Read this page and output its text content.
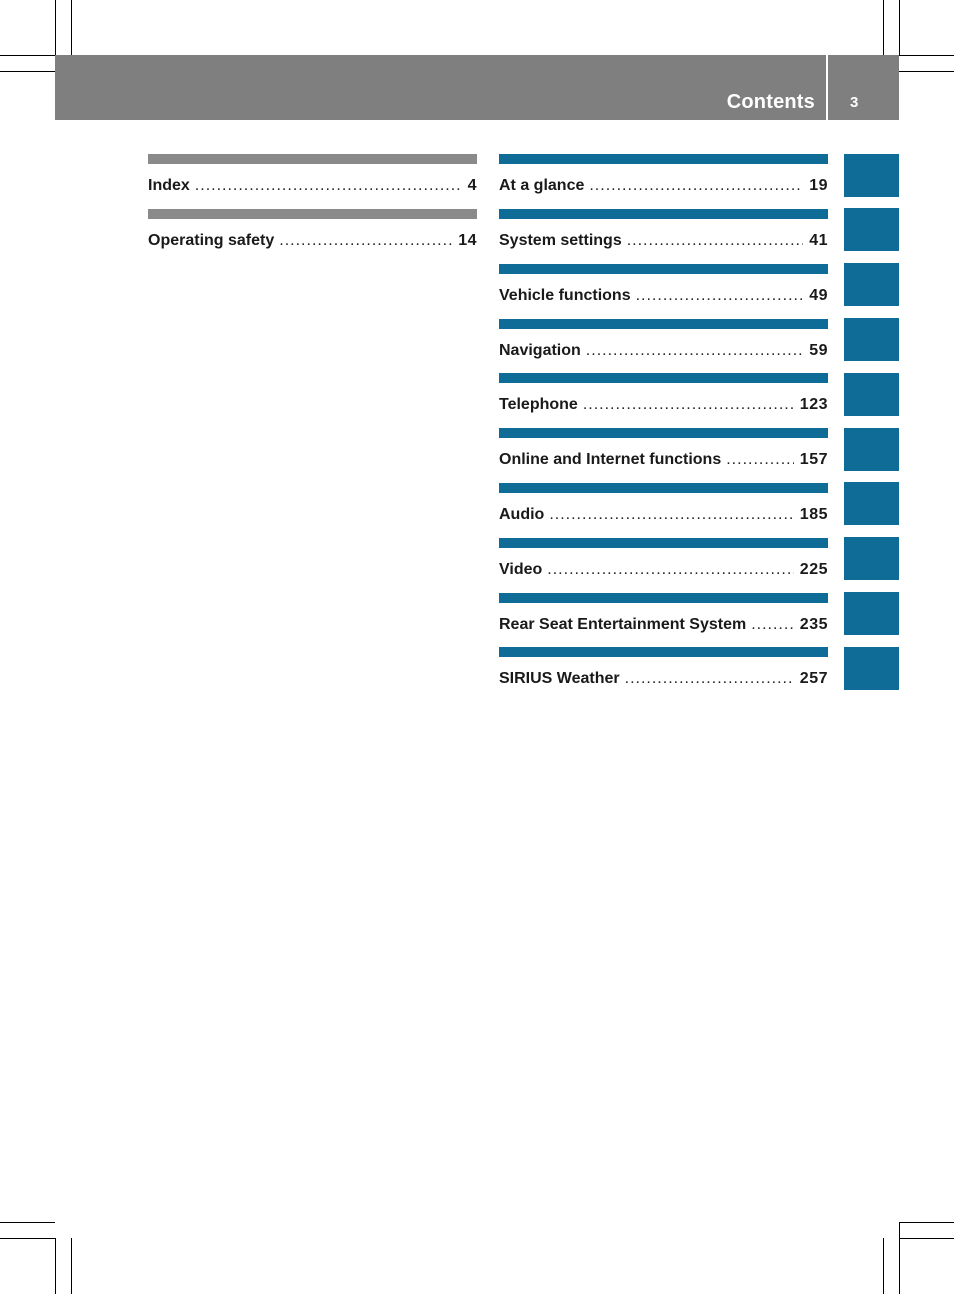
Contents 3
Index .....	4
Operating safety .....	14
At a glance .....	19
System settings .....	41
Vehicle functions .....	49
Navigation .....	59
Telephone .....	123
Online and Internet functions .....	157
Audio .....	185
Video .....	225
Rear Seat Entertainment System .....	235
SIRIUS Weather .....	257
